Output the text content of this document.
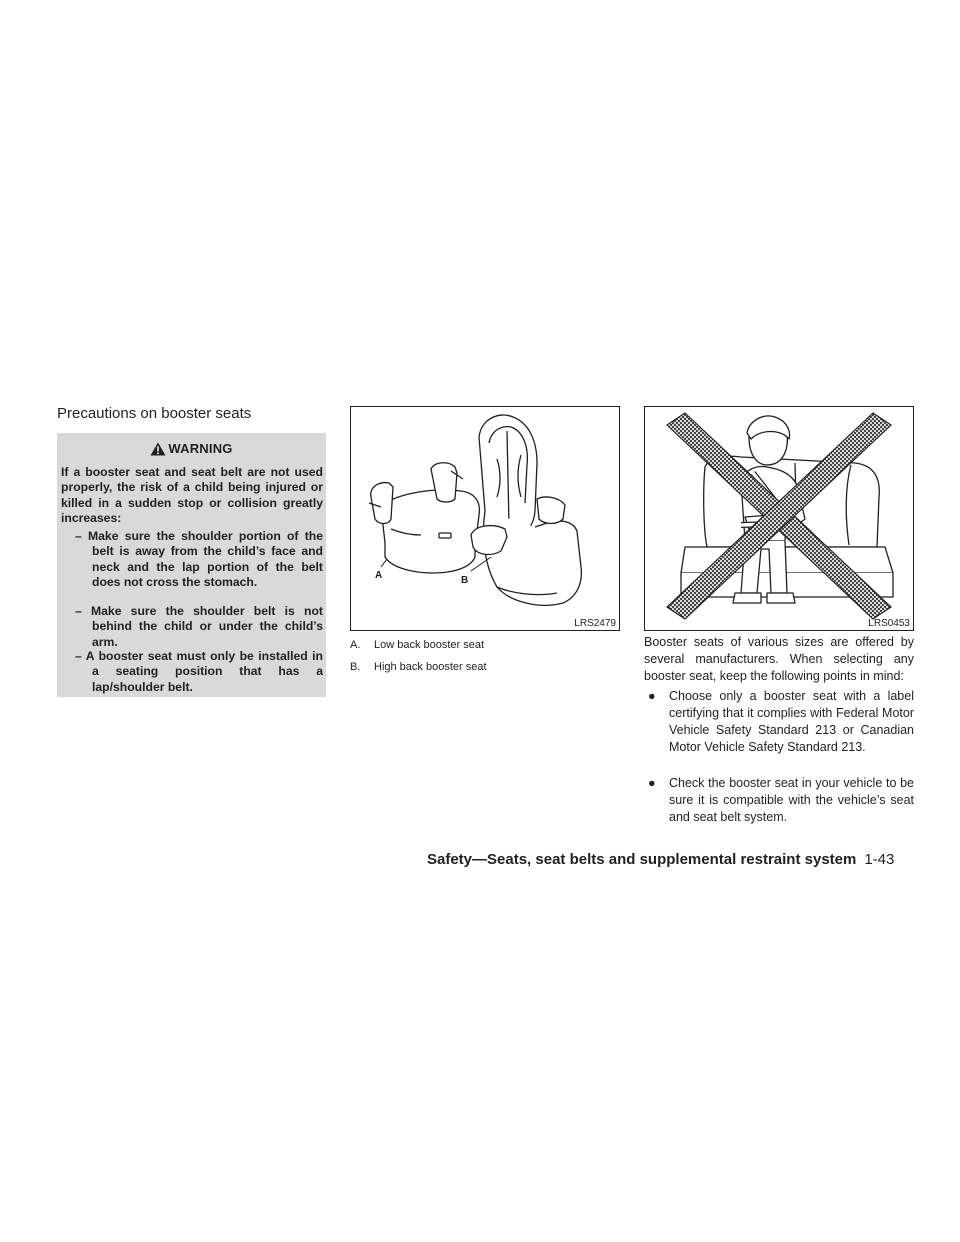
Precautions on booster seats
WARNING
If a booster seat and seat belt are not used properly, the risk of a child being injured or killed in a sudden stop or collision greatly increases:
– Make sure the shoulder portion of the belt is away from the child’s face and neck and the lap portion of the belt does not cross the stomach.
– Make sure the shoulder belt is not behind the child or under the child’s arm.
– A booster seat must only be installed in a seating position that has a lap/shoulder belt.
A	B
LRS2479
A. Low back booster seat
B. High back booster seat
LRS0453
Booster seats of various sizes are offered by several manufacturers. When selecting any booster seat, keep the following points in mind:
●	Choose only a booster seat with a label certifying that it complies with Federal Motor Vehicle Safety Standard 213 or Canadian Motor Vehicle Safety Standard 213.
●	Check the booster seat in your vehicle to be sure it is compatible with the vehicle’s seat and seat belt system.
Safety—Seats, seat belts and supplemental restraint system 1-43
